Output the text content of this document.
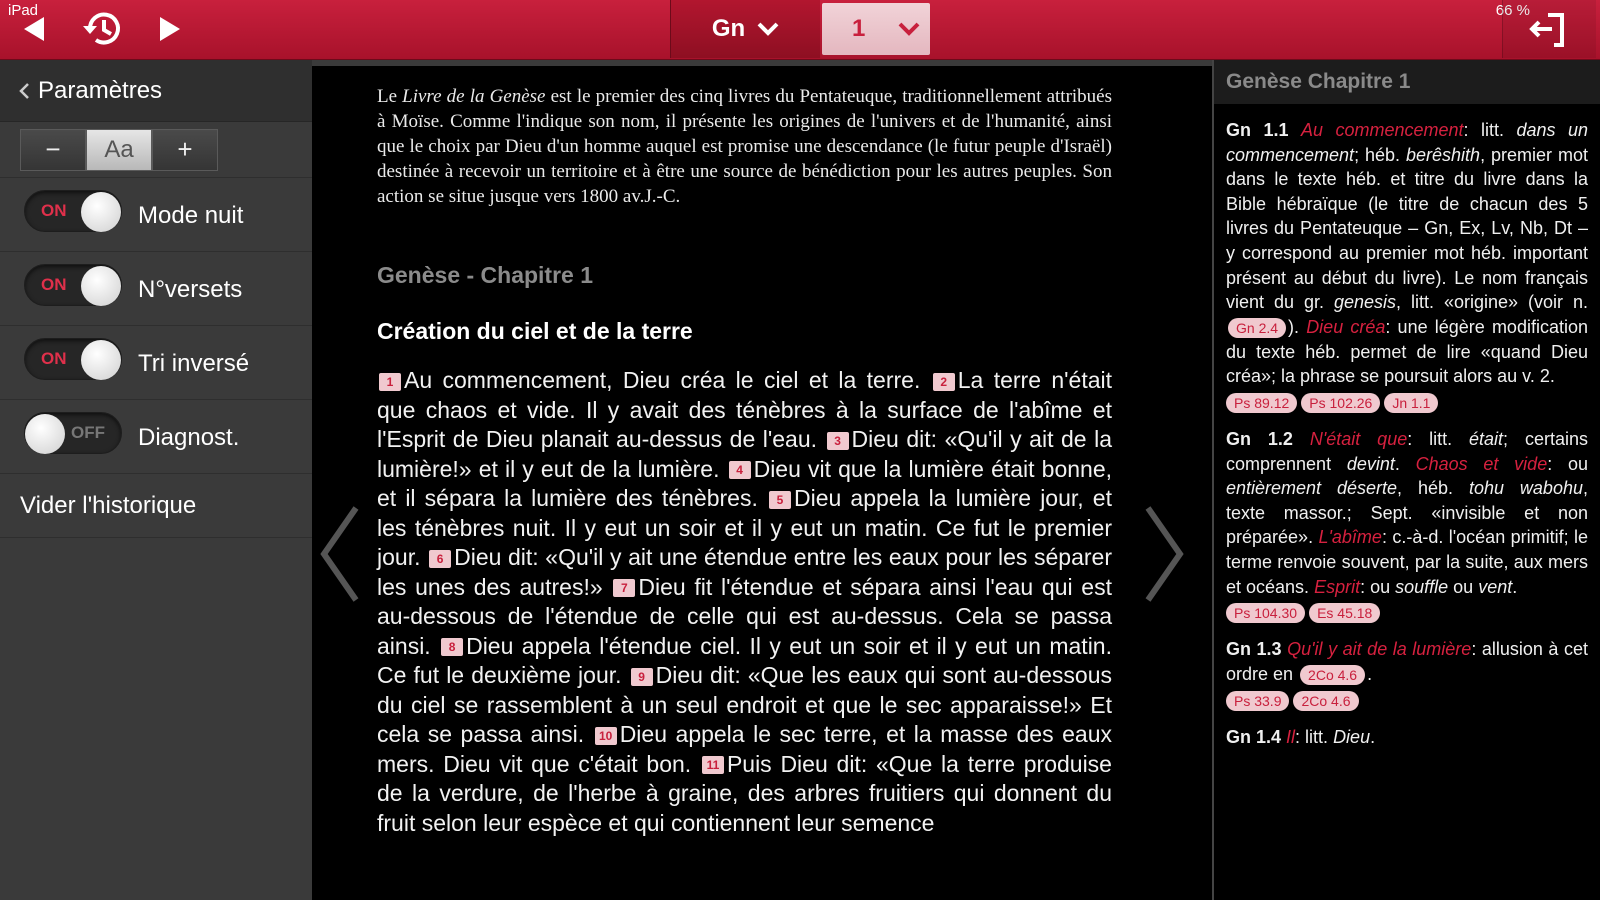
iPad	66 %
Gn	1
Paramètres
−	Aa	+
ON	Mode nuit
ON	N°versets
ON	Tri inversé
OFF Diagnost.
Vider l'historique
Le Livre de la Genèse est le premier des cinq livres du Pentateuque, traditionnellement attribués à Moïse. Comme l'indique son nom, il présente les origines de l'univers et de l'humanité, ainsi que le choix par Dieu d'un homme auquel est promise une descendance (le futur peuple d'Israël) destinée à recevoir un territoire et à être une source de bénédiction pour les autres peuples. Son action se situe jusque vers 1800 av.J.-C.
Genèse - Chapitre 1
Création du ciel et de la terre
1 Au commencement, Dieu créa le ciel et la terre. 2 La terre n'était que chaos et vide. Il y avait des ténèbres à la surface de l'abîme et l'Esprit de Dieu planait au-dessus de l'eau. 3 Dieu dit: «Qu'il y ait de la lumière!» et il y eut de la lumière. 4 Dieu vit que la lumière était bonne, et il sépara la lumière des ténèbres. 5 Dieu appela la lumière jour, et les ténèbres nuit. Il y eut un soir et il y eut un matin. Ce fut le premier jour. 6 Dieu dit: «Qu'il y ait une étendue entre les eaux pour les séparer les unes des autres!» 7 Dieu fit l'étendue et sépara ainsi l'eau qui est au-dessous de l'étendue de celle qui est au-dessus. Cela se passa ainsi. 8 Dieu appela l'étendue ciel. Il y eut un soir et il y eut un matin. Ce fut le deuxième jour. 9 Dieu dit: «Que les eaux qui sont au-dessous du ciel se rassemblent à un seul endroit et que le sec apparaisse!» Et cela se passa ainsi. 10 Dieu appela le sec terre, et la masse des eaux mers. Dieu vit que c'était bon. 11 Puis Dieu dit: «Que la terre produise de la verdure, de l'herbe à graine, des arbres fruitiers qui donnent du fruit selon leur espèce et qui contiennent leur semence
Genèse Chapitre 1
Gn 1.1 Au commencement: litt. dans un commencement; héb. berêshith, premier mot dans le texte héb. et titre du livre dans la Bible hébraïque (le titre de chacun des 5 livres du Pentateuque – Gn, Ex, Lv, Nb, Dt – y correspond au premier mot héb. important présent au début du livre). Le nom français vient du gr. genesis, litt. «origine» (voir n. Gn 2.4 ). Dieu créa: une légère modification du texte héb. permet de lire «quand Dieu créa»; la phrase se poursuit alors au v. 2.
Ps 89.12 Ps 102.26 Jn 1.1
Gn 1.2 N'était que: litt. était; certains comprennent devint. Chaos et vide: ou entièrement déserte, héb. tohu wabohu, texte massor.; Sept. «invisible et non préparée». L'abîme: c.-à-d. l'océan primitif; le terme renvoie souvent, par la suite, aux mers et océans. Esprit: ou souffle ou vent.
Ps 104.30 Es 45.18
Gn 1.3 Qu'il y ait de la lumière: allusion à cet ordre en 2Co 4.6 .
Ps 33.9 2Co 4.6
Gn 1.4 Il: litt. Dieu.
